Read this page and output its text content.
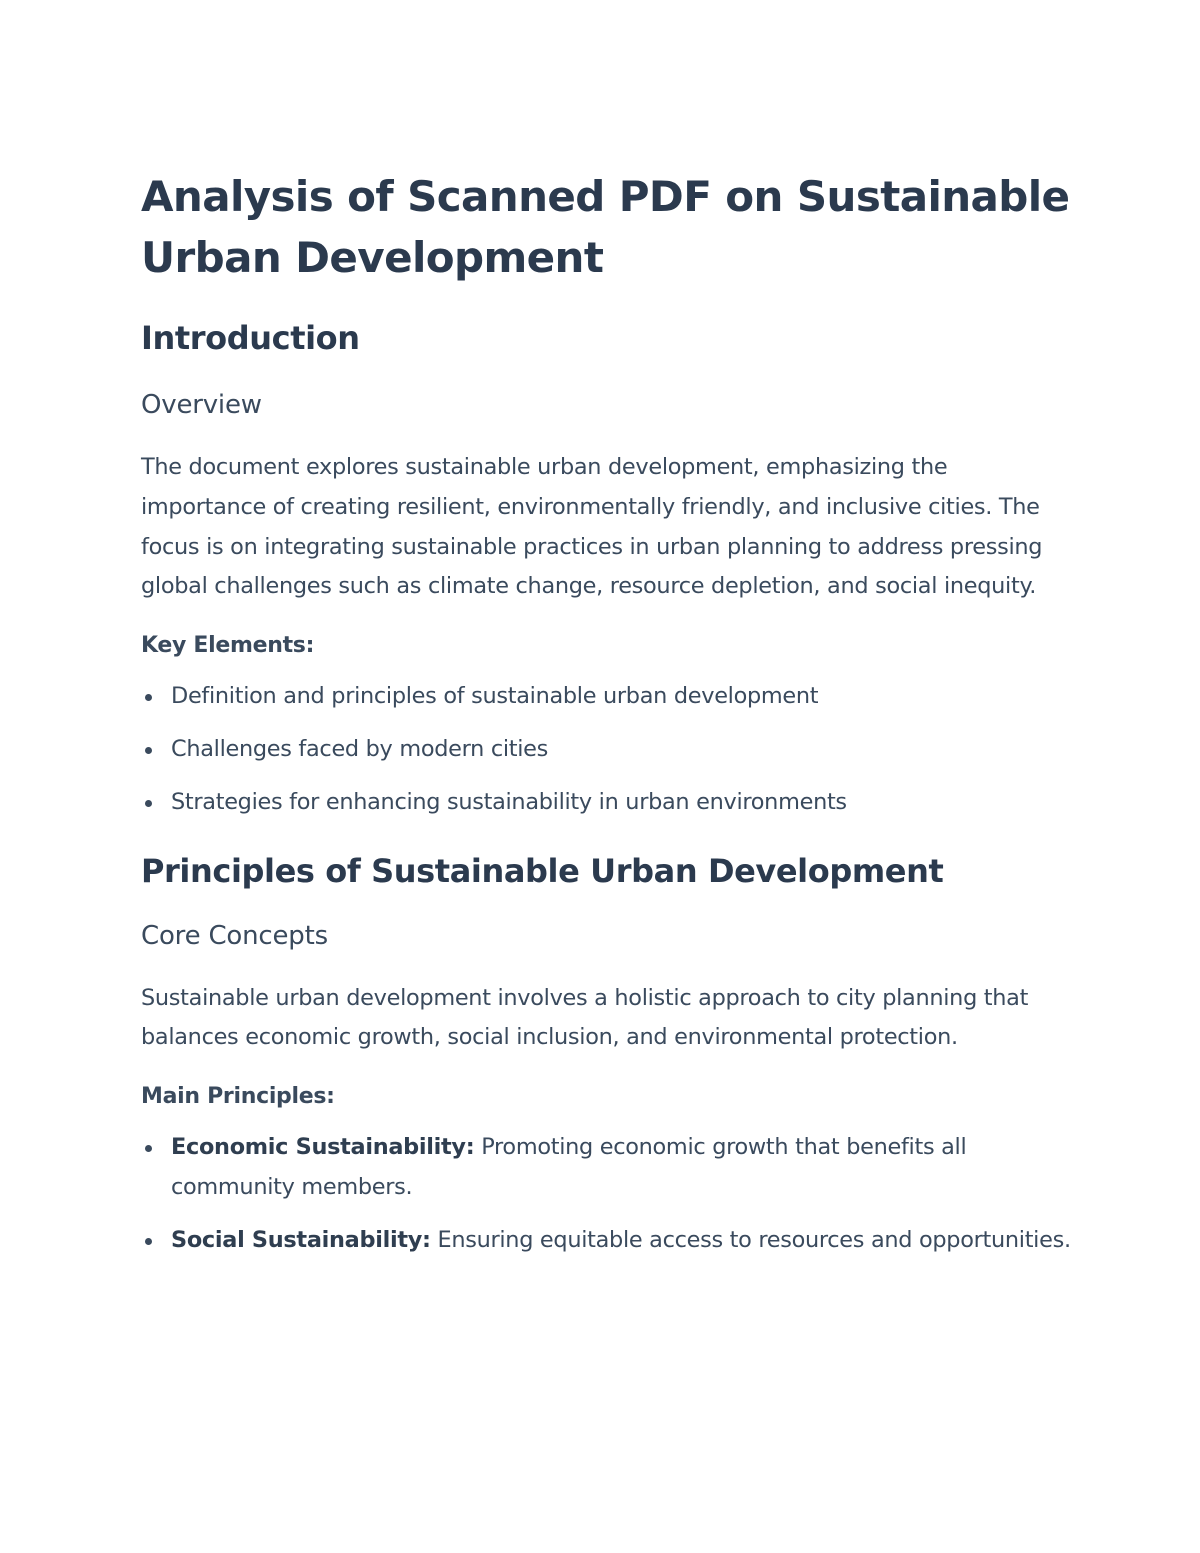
Analysis of Scanned PDF on Sustainable Urban Development
Introduction
Overview

The document explores sustainable urban development, emphasizing the importance of creating resilient, environmentally friendly, and inclusive cities. The focus is on integrating sustainable practices in urban planning to address pressing global challenges such as climate change, resource depletion, and social inequity.

Key Elements:
Definition and principles of sustainable urban development
Challenges faced by modern cities
Strategies for enhancing sustainability in urban environments
Principles of Sustainable Urban Development
Core Concepts

Sustainable urban development involves a holistic approach to city planning that balances economic growth, social inclusion, and environmental protection.

Main Principles:
Economic Sustainability: Promoting economic growth that benefits all community members.
Social Sustainability: Ensuring equitable access to resources and opportunities.
